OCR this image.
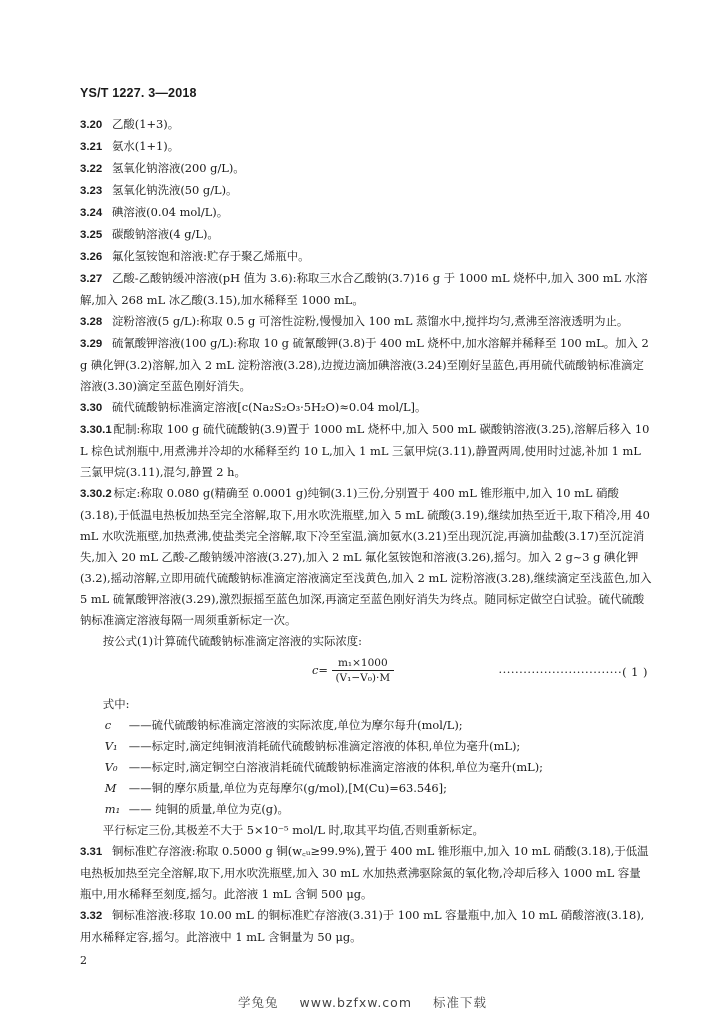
YS/T 1227. 3—2018

3.20 乙酸(1+3)。

3.21 氨水(1+1)。

3.22 氢氧化钠溶液(200 g/L)。

3.23 氢氧化钠洗液(50 g/L)。

3.24 碘溶液(0.04 mol/L)。

3.25 碳酸钠溶液(4 g/L)。

3.26 氟化氢铵饱和溶液:贮存于聚乙烯瓶中。

3.27 乙酸-乙酸钠缓冲溶液(pH 值为 3.6):称取三水合乙酸钠(3.7)16 g 于 1000 mL 烧杯中,加入 300 mL 水溶解,加入 268 mL 冰乙酸(3.15),加水稀释至 1000 mL。

3.28 淀粉溶液(5 g/L):称取 0.5 g 可溶性淀粉,慢慢加入 100 mL 蒸馏水中,搅拌均匀,煮沸至溶液透明为止。

3.29 硫氰酸钾溶液(100 g/L):称取 10 g 硫氰酸钾(3.8)于 400 mL 烧杯中,加水溶解并稀释至 100 mL。加入 2 g 碘化钾(3.2)溶解,加入 2 mL 淀粉溶液(3.28),边搅边滴加碘溶液(3.24)至刚好呈蓝色,再用硫代硫酸钠标准滴定溶液(3.30)滴定至蓝色刚好消失。

3.30 硫代硫酸钠标准滴定溶液[c(Na₂S₂O₃·5H₂O)≈0.04 mol/L]。

3.30.1 配制:称取 100 g 硫代硫酸钠(3.9)置于 1000 mL 烧杯中,加入 500 mL 碳酸钠溶液(3.25),溶解后移入 10 L 棕色试剂瓶中,用煮沸并冷却的水稀释至约 10 L,加入 1 mL 三氯甲烷(3.11),静置两周,使用时过滤,补加 1 mL 三氯甲烷(3.11),混匀,静置 2 h。

3.30.2 标定:称取 0.080 g(精确至 0.0001 g)纯铜(3.1)三份,分别置于 400 mL 锥形瓶中,加入 10 mL 硝酸(3.18),于低温电热板加热至完全溶解,取下,用水吹洗瓶壁,加入 5 mL 硫酸(3.19),继续加热至近干,取下稍冷,用 40 mL 水吹洗瓶壁,加热煮沸,使盐类完全溶解,取下冷至室温,滴加氨水(3.21)至出现沉淀,再滴加盐酸(3.17)至沉淀消失,加入 20 mL 乙酸-乙酸钠缓冲溶液(3.27),加入 2 mL 氟化氢铵饱和溶液(3.26),摇匀。加入 2 g~3 g 碘化钾(3.2),摇动溶解,立即用硫代硫酸钠标准滴定溶液滴定至浅黄色,加入 2 mL 淀粉溶液(3.28),继续滴定至浅蓝色,加入 5 mL 硫氰酸钾溶液(3.29),激烈振摇至蓝色加深,再滴定至蓝色刚好消失为终点。随同标定做空白试验。硫代硫酸钠标准滴定溶液每隔一周须重新标定一次。

按公式(1)计算硫代硫酸钠标准滴定溶液的实际浓度:

$c= \frac{\text{m₁×1000}}{\text{(V₁−V₀)·M}}$	······························( 1 )

式中:

c	——硫代硫酸钠标准滴定溶液的实际浓度,单位为摩尔每升(mol/L);
V₁ ——标定时,滴定纯铜液消耗硫代硫酸钠标准滴定溶液的体积,单位为毫升(mL);
V₀ ——标定时,滴定铜空白溶液消耗硫代硫酸钠标准滴定溶液的体积,单位为毫升(mL);
M	——铜的摩尔质量,单位为克每摩尔(g/mol),[M(Cu)=63.546];
m₁ —— 纯铜的质量,单位为克(g)。

平行标定三份,其极差不大于 5×10⁻⁵ mol/L 时,取其平均值,否则重新标定。

3.31 铜标准贮存溶液:称取 0.5000 g 铜(w꜀ᵤ≥99.9%),置于 400 mL 锥形瓶中,加入 10 mL 硝酸(3.18),于低温电热板加热至完全溶解,取下,用水吹洗瓶壁,加入 30 mL 水加热煮沸驱除氮的氧化物,冷却后移入 1000 mL 容量瓶中,用水稀释至刻度,摇匀。此溶液 1 mL 含铜 500 μg。

3.32 铜标准溶液:移取 10.00 mL 的铜标准贮存溶液(3.31)于 100 mL 容量瓶中,加入 10 mL 硝酸溶液(3.18),用水稀释定容,摇匀。此溶液中 1 mL 含铜量为 50 μg。

2
学兔兔 www.bzfxw.com 标准下载
